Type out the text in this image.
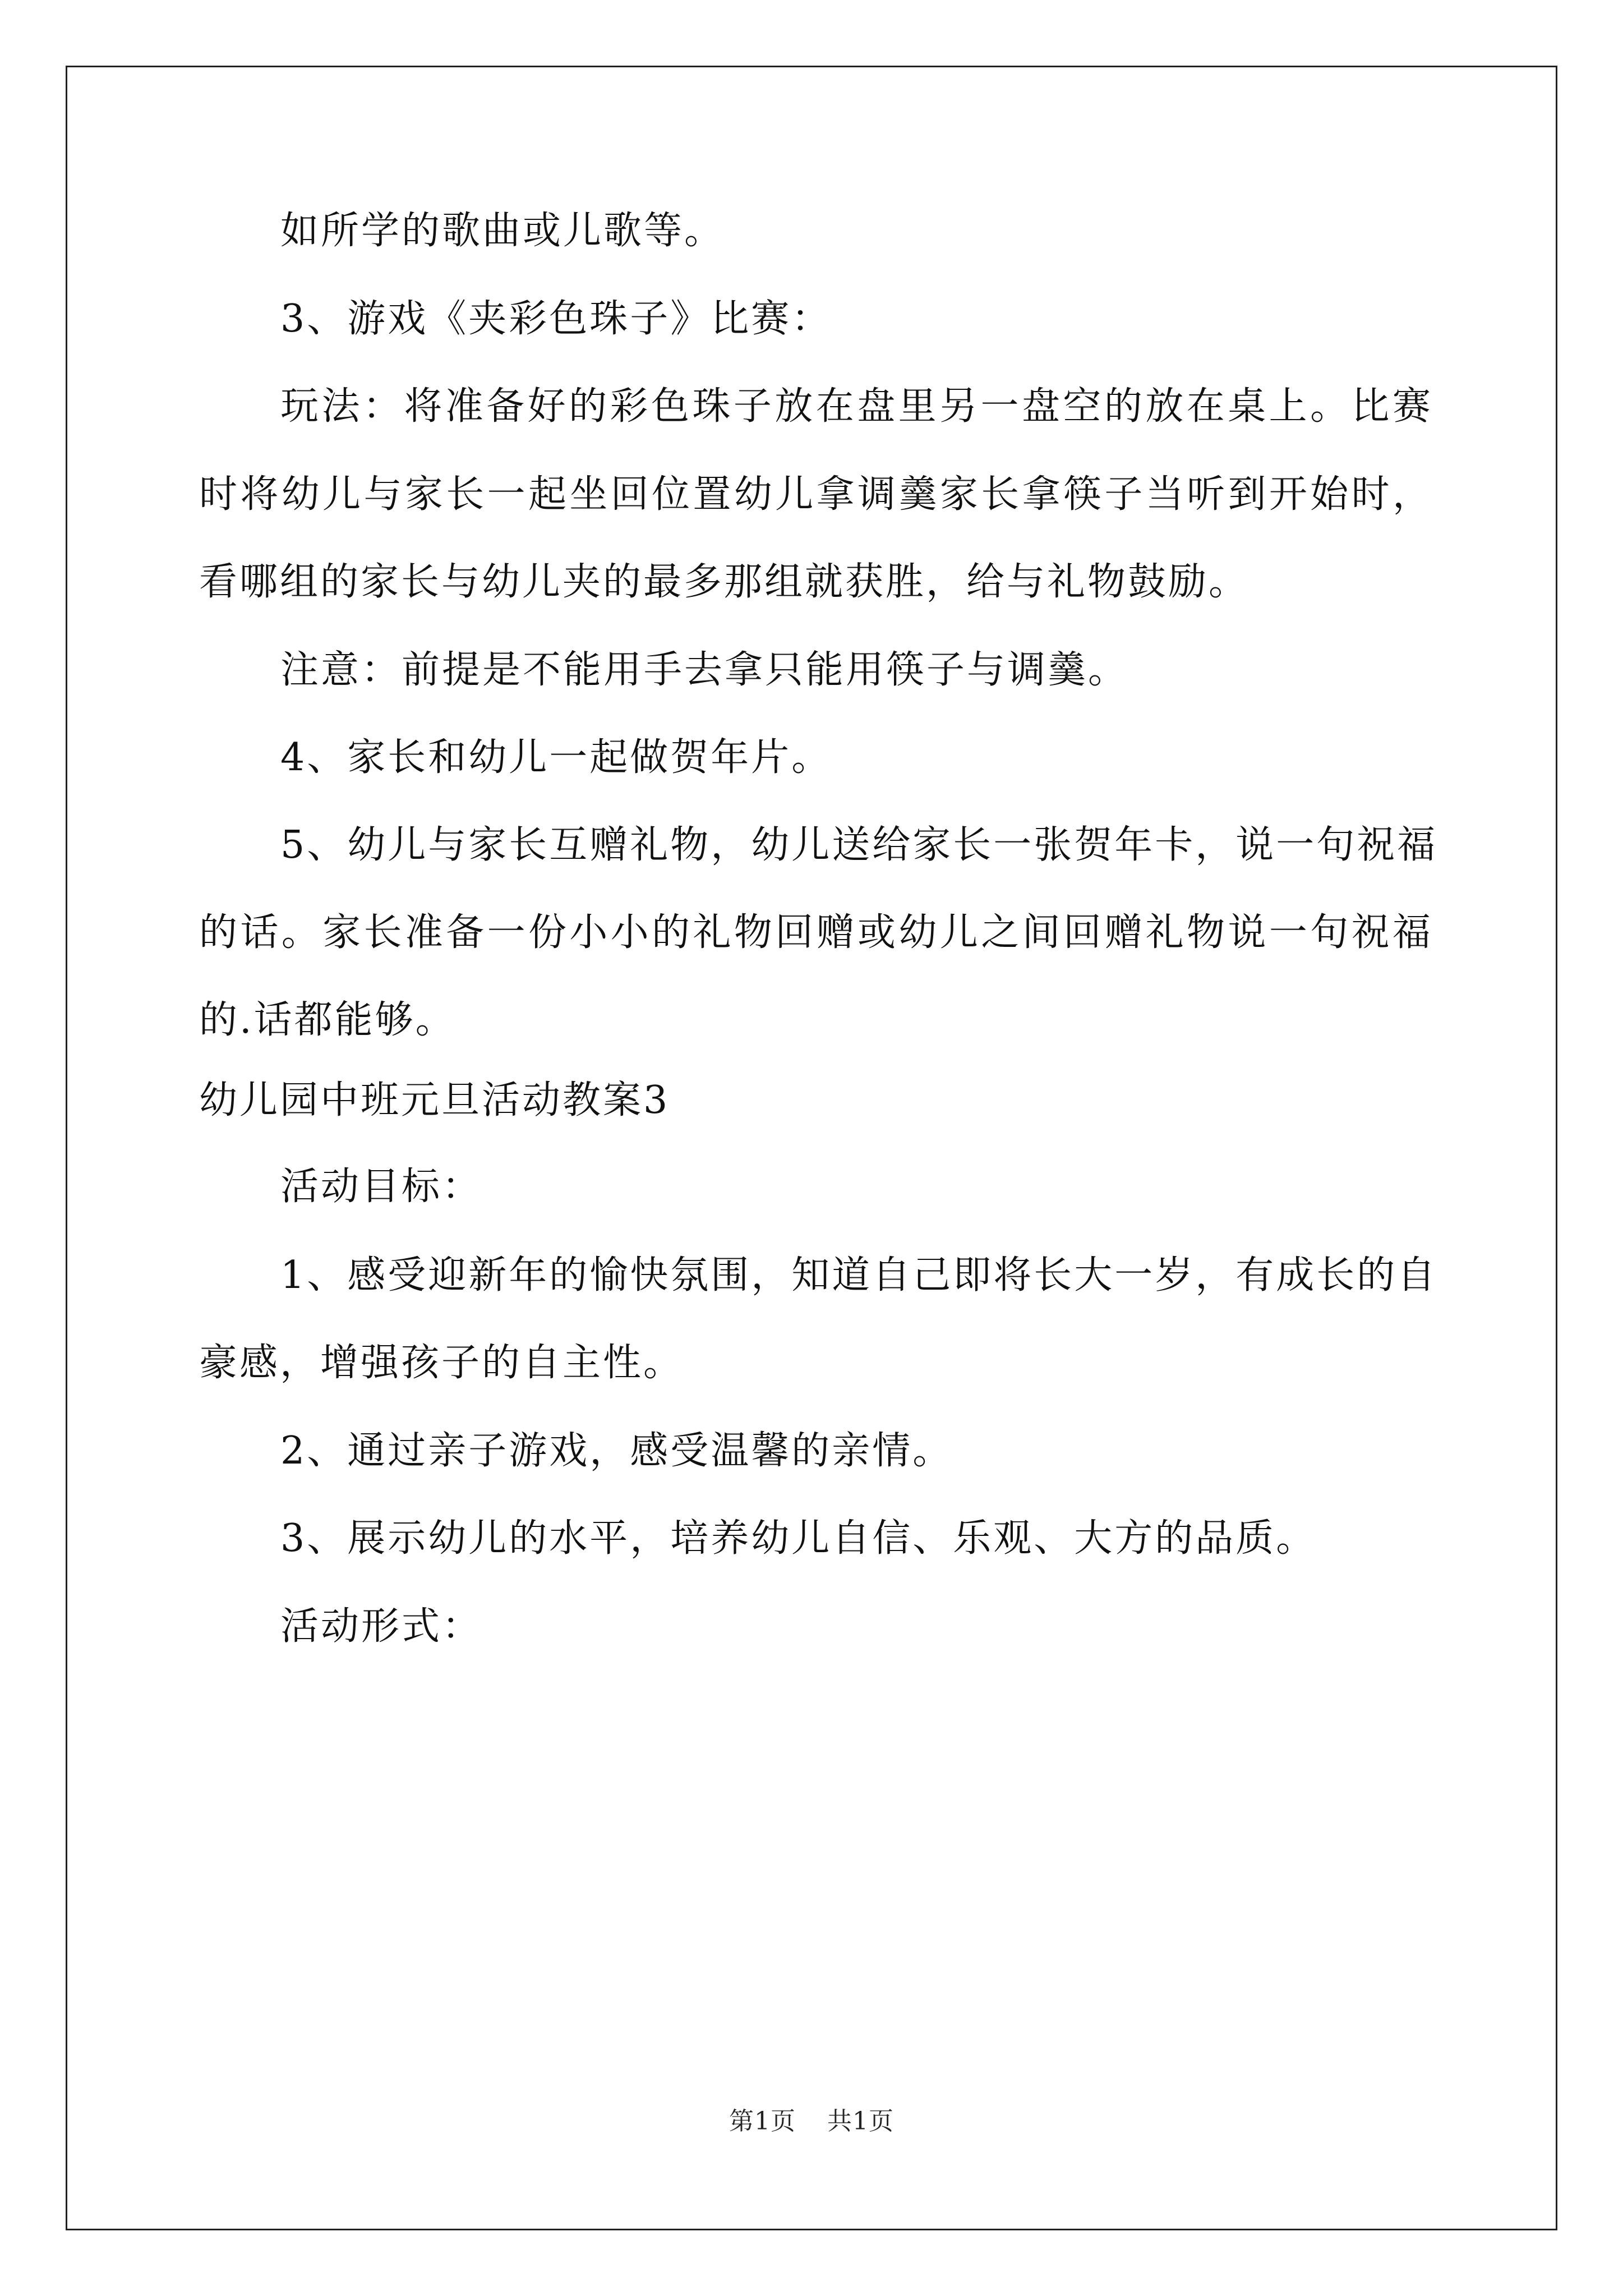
如所学的歌曲或儿歌等。
3、游戏《夹彩色珠子》比赛：
玩法：将准备好的彩色珠子放在盘里另一盘空的放在桌上。比赛
时将幼儿与家长一起坐回位置幼儿拿调羹家长拿筷子当听到开始时，
看哪组的家长与幼儿夹的最多那组就获胜，给与礼物鼓励。
注意：前提是不能用手去拿只能用筷子与调羹。
4、家长和幼儿一起做贺年片。
5、幼儿与家长互赠礼物，幼儿送给家长一张贺年卡，说一句祝福
的话。家长准备一份小小的礼物回赠或幼儿之间回赠礼物说一句祝福
的.话都能够。
幼儿园中班元旦活动教案3
活动目标：
1、感受迎新年的愉快氛围，知道自己即将长大一岁，有成长的自
豪感，增强孩子的自主性。
2、通过亲子游戏，感受温馨的亲情。
3、展示幼儿的水平，培养幼儿自信、乐观、大方的品质。
活动形式：
第1页 共1页
